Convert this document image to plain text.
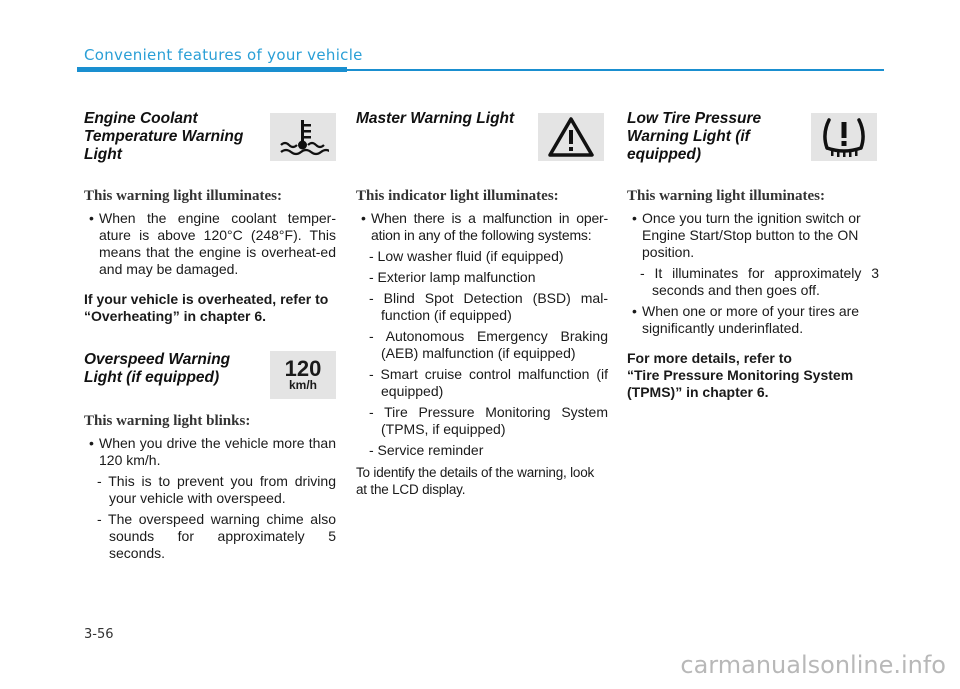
Convenient features of your vehicle

Engine Coolant Temperature Warning Light

This warning light illuminates:

• When the engine coolant temper-ature is above 120°C (248°F). This means that the engine is overheat-ed and may be damaged.

If your vehicle is overheated, refer to “Overheating” in chapter 6.

Overspeed Warning Light (if equipped)	120
km/h

This warning light blinks:

• When you drive the vehicle more than 120 km/h.

- This is to prevent you from driving your vehicle with overspeed.

- The overspeed warning chime also sounds for approximately 5 seconds.

Master Warning Light

This indicator light illuminates:

• When there is a malfunction in oper-ation in any of the following systems:

- Low washer fluid (if equipped)

- Exterior lamp malfunction

- Blind Spot Detection (BSD) mal-function (if equipped)

- Autonomous Emergency Braking (AEB) malfunction (if equipped)

- Smart cruise control malfunction (if equipped)

- Tire Pressure Monitoring System (TPMS, if equipped)

- Service reminder

To identify the details of the warning, look at the LCD display.

Low Tire Pressure Warning Light (if equipped)

This warning light illuminates:

• Once you turn the ignition switch or Engine Start/Stop button to the ON position.

- It illuminates for approximately 3 seconds and then goes off.

• When one or more of your tires are significantly underinflated.

For more details, refer to

“Tire Pressure Monitoring System (TPMS)” in chapter 6.

3-56
carmanualsonline.info
